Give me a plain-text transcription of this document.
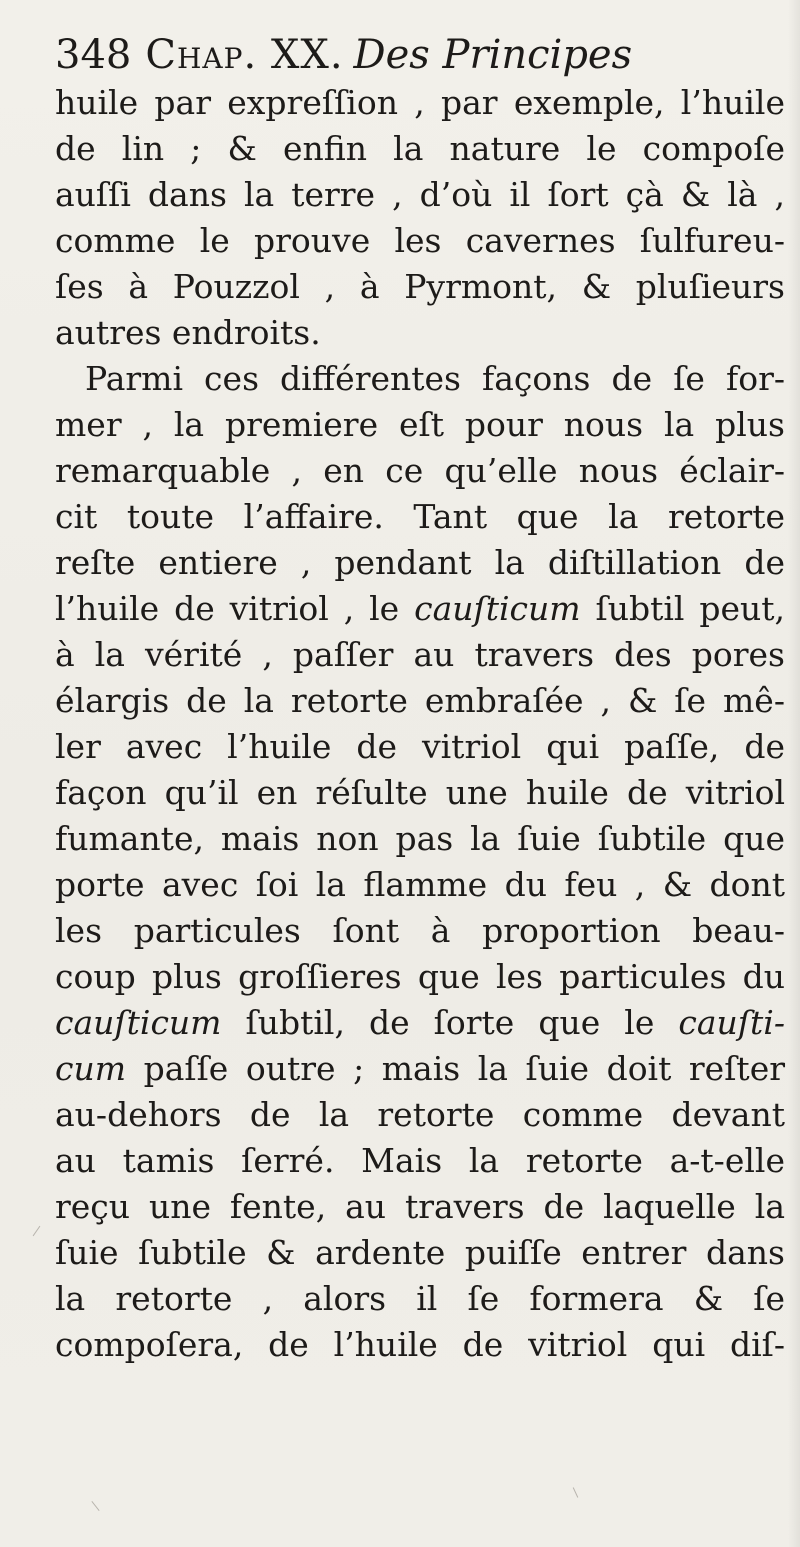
348 Chap. XX. Des Principes
huile par expreſſion , par exemple, l’huile
de lin ; & enfin la nature le compoſe
auſſi dans la terre , d’où il ſort çà & là ,
comme le prouve les cavernes ſulfureu-
ſes à Pouzzol , à Pyrmont, & pluſieurs
autres endroits.
Parmi ces différentes façons de ſe for-
mer , la premiere eſt pour nous la plus
remarquable , en ce qu’elle nous éclair-
cit toute l’affaire. Tant que la retorte
reſte entiere , pendant la diſtillation de
l’huile de vitriol , le cauſticum ſubtil peut,
à la vérité , paſſer au travers des pores
élargis de la retorte embraſée , & ſe mê-
ler avec l’huile de vitriol qui paſſe, de
façon qu’il en réſulte une huile de vitriol
fumante, mais non pas la ſuie ſubtile que
porte avec ſoi la flamme du feu , & dont
les particules ſont à proportion beau-
coup plus groſſieres que les particules du
cauſticum ſubtil, de ſorte que le cauſti-
cum paſſe outre ; mais la ſuie doit reſter
au-dehors de la retorte comme devant
au tamis ſerré. Mais la retorte a-t-elle
reçu une fente, au travers de laquelle la
ſuie ſubtile & ardente puiſſe entrer dans
la retorte , alors il ſe formera & ſe
compoſera, de l’huile de vitriol qui diſ-
